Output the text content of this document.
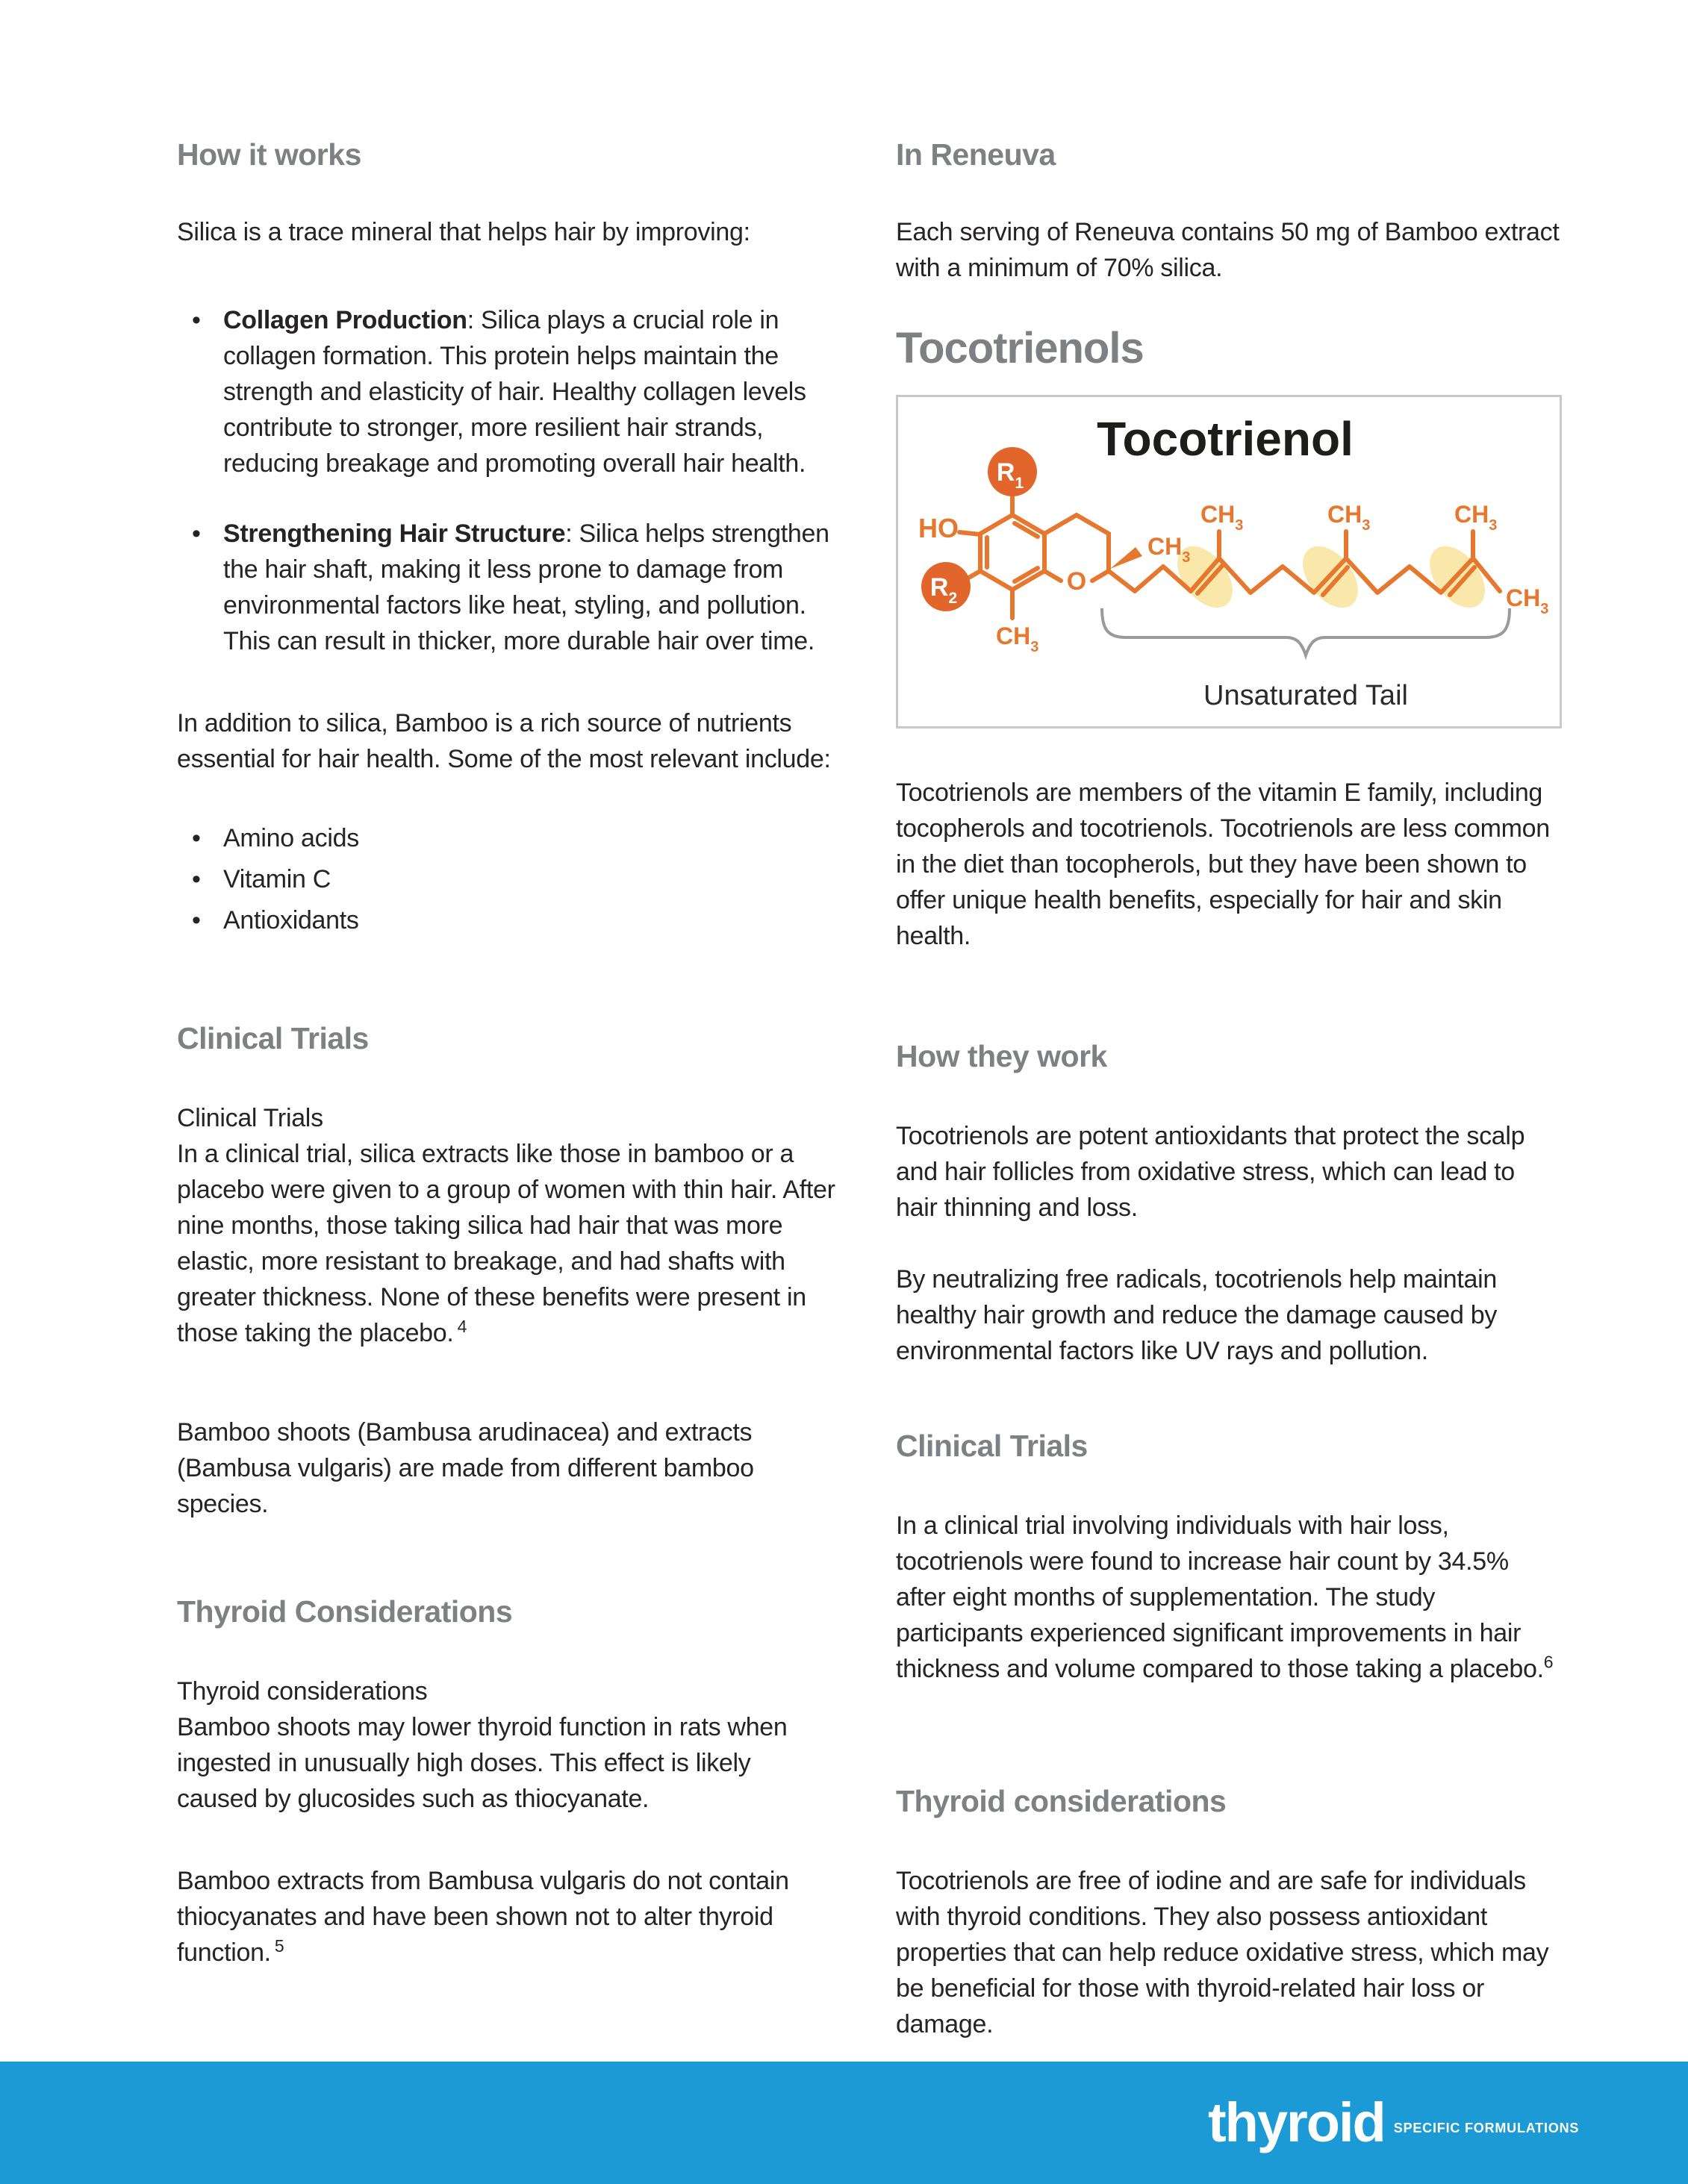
How it works

Silica is a trace mineral that helps hair by improving:

• Collagen Production: Silica plays a crucial role in collagen formation. This protein helps maintain the strength and elasticity of hair. Healthy collagen levels contribute to stronger, more resilient hair strands, reducing breakage and promoting overall hair health.
• Strengthening Hair Structure: Silica helps strengthen the hair shaft, making it less prone to damage from environmental factors like heat, styling, and pollution. This can result in thicker, more durable hair over time.

In addition to silica, Bamboo is a rich source of nutrients essential for hair health. Some of the most relevant include:

• Amino acids
• Vitamin C
• Antioxidants
Clinical Trials

Clinical Trials
In a clinical trial, silica extracts like those in bamboo or a placebo were given to a group of women with thin hair. After nine months, those taking silica had hair that was more elastic, more resistant to breakage, and had shafts with greater thickness. None of these benefits were present in those taking the placebo. $^4$

Bamboo shoots (Bambusa arudinacea) and extracts (Bambusa vulgaris) are made from different bamboo species.

Thyroid Considerations

Thyroid considerations
Bamboo shoots may lower thyroid function in rats when ingested in unusually high doses. This effect is likely caused by glucosides such as thiocyanate.

Bamboo extracts from Bambusa vulgaris do not contain thiocyanates and have been shown not to alter thyroid function. $^5$

In Reneuva

Each serving of Reneuva contains 50 mg of Bamboo extract with a minimum of 70% silica.

Tocotrienols
Tocotrienol
$R_1$
$R_2$
HO
O
$CH_3$
$CH_3$
$CH_3$	$CH_3$	$CH_3$
$CH_3$
Unsaturated Tail

Tocotrienols are members of the vitamin E family, including tocopherols and tocotrienols. Tocotrienols are less common in the diet than tocopherols, but they have been shown to offer unique health benefits, especially for hair and skin health.

How they work

Tocotrienols are potent antioxidants that protect the scalp and hair follicles from oxidative stress, which can lead to hair thinning and loss.

By neutralizing free radicals, tocotrienols help maintain healthy hair growth and reduce the damage caused by environmental factors like UV rays and pollution.

Clinical Trials

In a clinical trial involving individuals with hair loss, tocotrienols were found to increase hair count by 34.5% after eight months of supplementation. The study participants experienced significant improvements in hair thickness and volume compared to those taking a placebo.$^6$

Thyroid considerations

Tocotrienols are free of iodine and are safe for individuals with thyroid conditions. They also possess antioxidant properties that can help reduce oxidative stress, which may be beneficial for those with thyroid-related hair loss or damage.

thyroid SPECIFIC FORMULATIONS
